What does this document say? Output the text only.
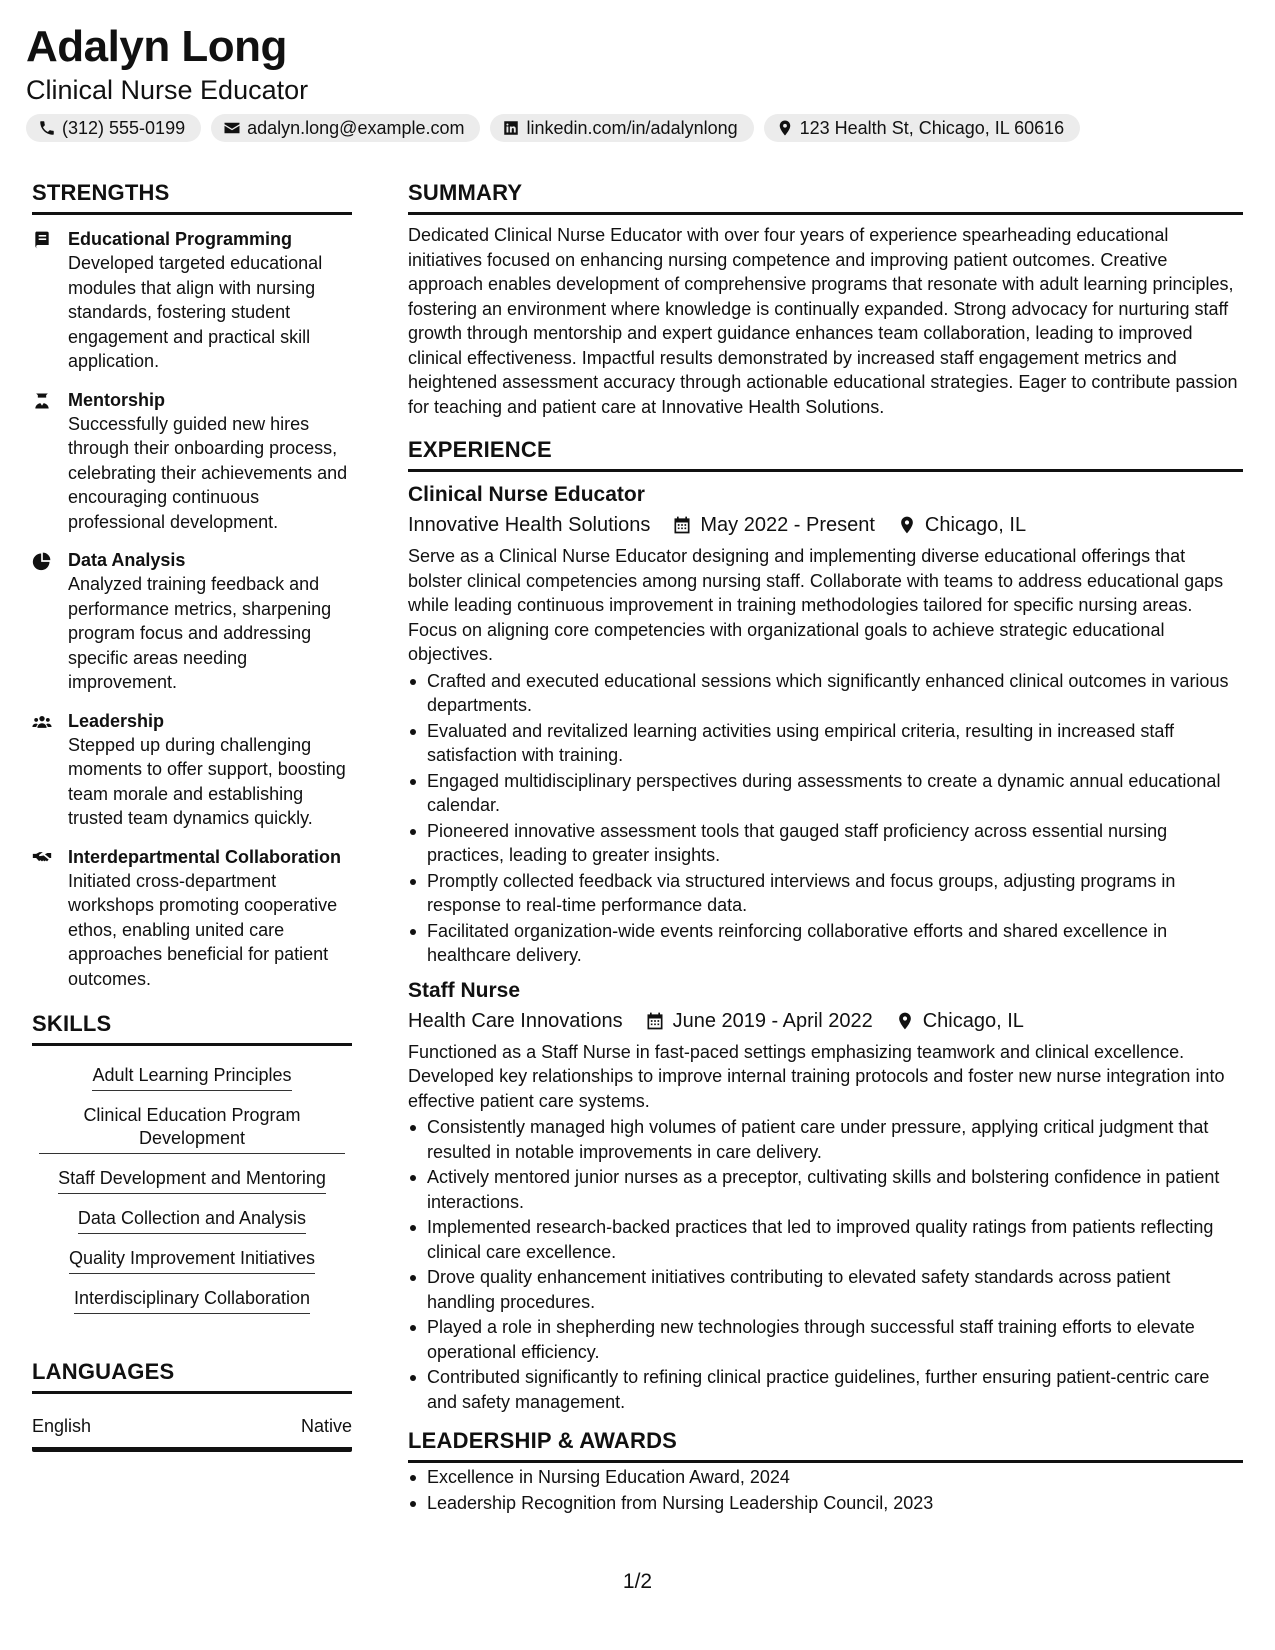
Adalyn Long
Clinical Nurse Educator
(312) 555-0199	adalyn.long@example.com	linkedin.com/in/adalynlong	123 Health St, Chicago, IL 60616
STRENGTHS
Educational Programming
Developed targeted educational modules that align with nursing standards, fostering student engagement and practical skill application.
Mentorship
Successfully guided new hires through their onboarding process, celebrating their achievements and encouraging continuous professional development.
Data Analysis
Analyzed training feedback and performance metrics, sharpening program focus and addressing specific areas needing improvement.
Leadership
Stepped up during challenging moments to offer support, boosting team morale and establishing trusted team dynamics quickly.
Interdepartmental Collaboration
Initiated cross-department workshops promoting cooperative ethos, enabling united care approaches beneficial for patient outcomes.
SKILLS
Adult Learning Principles
Clinical Education Program Development
Staff Development and Mentoring
Data Collection and Analysis
Quality Improvement Initiatives
Interdisciplinary Collaboration
LANGUAGES
English	Native
SUMMARY
Dedicated Clinical Nurse Educator with over four years of experience spearheading educational initiatives focused on enhancing nursing competence and improving patient outcomes. Creative approach enables development of comprehensive programs that resonate with adult learning principles, fostering an environment where knowledge is continually expanded. Strong advocacy for nurturing staff growth through mentorship and expert guidance enhances team collaboration, leading to improved clinical effectiveness. Impactful results demonstrated by increased staff engagement metrics and heightened assessment accuracy through actionable educational strategies. Eager to contribute passion for teaching and patient care at Innovative Health Solutions.
EXPERIENCE
Clinical Nurse Educator
Innovative Health Solutions	May 2022 - Present	Chicago, IL
Serve as a Clinical Nurse Educator designing and implementing diverse educational offerings that bolster clinical competencies among nursing staff. Collaborate with teams to address educational gaps while leading continuous improvement in training methodologies tailored for specific nursing areas. Focus on aligning core competencies with organizational goals to achieve strategic educational objectives.
Crafted and executed educational sessions which significantly enhanced clinical outcomes in various departments.
Evaluated and revitalized learning activities using empirical criteria, resulting in increased staff satisfaction with training.
Engaged multidisciplinary perspectives during assessments to create a dynamic annual educational calendar.
Pioneered innovative assessment tools that gauged staff proficiency across essential nursing practices, leading to greater insights.
Promptly collected feedback via structured interviews and focus groups, adjusting programs in response to real-time performance data.
Facilitated organization-wide events reinforcing collaborative efforts and shared excellence in healthcare delivery.
Staff Nurse
Health Care Innovations	June 2019 - April 2022	Chicago, IL
Functioned as a Staff Nurse in fast-paced settings emphasizing teamwork and clinical excellence. Developed key relationships to improve internal training protocols and foster new nurse integration into effective patient care systems.
Consistently managed high volumes of patient care under pressure, applying critical judgment that resulted in notable improvements in care delivery.
Actively mentored junior nurses as a preceptor, cultivating skills and bolstering confidence in patient interactions.
Implemented research-backed practices that led to improved quality ratings from patients reflecting clinical care excellence.
Drove quality enhancement initiatives contributing to elevated safety standards across patient handling procedures.
Played a role in shepherding new technologies through successful staff training efforts to elevate operational efficiency.
Contributed significantly to refining clinical practice guidelines, further ensuring patient-centric care and safety management.
LEADERSHIP & AWARDS
Excellence in Nursing Education Award, 2024
Leadership Recognition from Nursing Leadership Council, 2023
1/2
